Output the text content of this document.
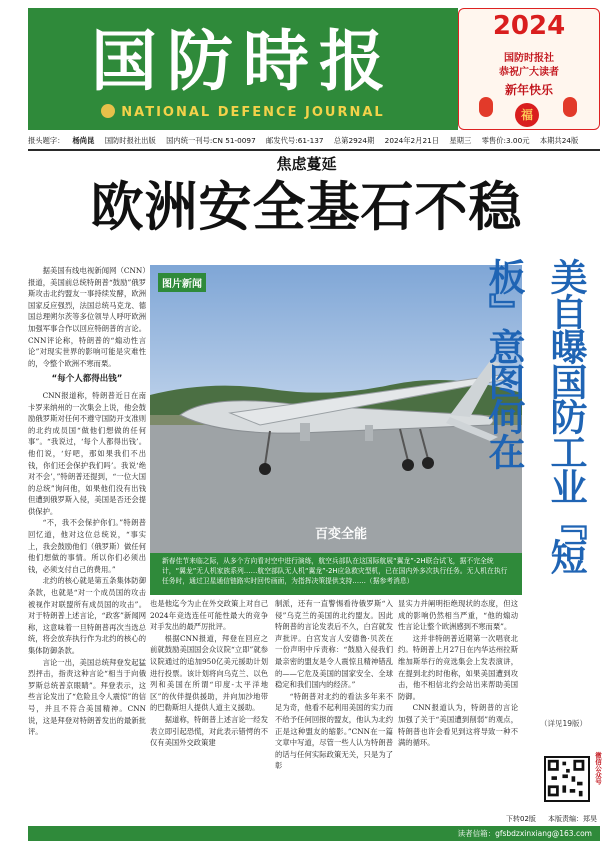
国防時报
NATIONAL DEFENCE JOURNAL
2024
国防时报社
恭祝广大读者
新年快乐
福
报头题字： 杨尚昆 国防时报社出版 国内统一刊号:CN 51-0097 邮发代号:61-137 总第2924期 2024年2月21日 星期三 零售价:3.00元 本期共24版
焦虑蔓延
欧洲安全基石不稳

据美国有线电视新闻网（CNN）报道，美国前总统特朗普“鼓励”俄罗斯攻击北约盟友一事持续发酵，欧洲国家反应强烈，法国总统马克龙、德国总理朔尔茨等多位领导人呼吁欧洲加强军事合作以回应特朗普的言论。CNN评论称，特朗普的“煽动性言论”对现实世界的影响可能是灾难性的，令整个欧洲不寒而栗。

“每个人都得出钱”

CNN报道称，特朗普近日在南卡罗来纳州的一次集会上说，他会鼓励俄罗斯对任何不遵守国防开支准则的北约成员国“做他们想做的任何事”。“我说过，‘每个人都得出钱’。他们说，‘好吧，那如果我们不出钱，你们还会保护我们吗’。我说‘绝对不会’，”特朗普还提到，“一位大国的总统”询问他，如果他们没有出钱但遭到俄罗斯入侵，美国是否还会提供保护。

“不，我不会保护你们。”特朗普回忆道，他对这位总统说，“事实上，我会鼓励他们（俄罗斯）做任何他们想做的事情。所以你们必须出钱，必须支付自己的费用。”

北约的核心就是第五条集体防御条款，也就是“对一个成员国的攻击被视作对联盟所有成员国的攻击”。对于特朗普上述言论，“政客”新闻网称，这意味着一旦特朗普再次当选总统，将会放弃执行作为北约的核心的集体防御条款。

言论一出，美国总统拜登发起猛烈抨击，指责这种言论“相当于向俄罗斯总统普京眼睛”。拜登表示，这些言论发出了“危险且令人震惊”的信号，并且不符合美国精神。CNN说，这是拜登对特朗普发出的最新批评。

图片新闻
百变全能
新春佳节来临之际，从多个方向看对空中进行演练，航空兵部队在这国际航展“翼龙”-2H联合试飞，据不完全统计，“翼龙”无人机家族系列……航空部队无人机“翼龙”-2H应急救灾型机，已在国内外多次执行任务。无人机在执行任务时，通过卫星通信链路实时回传画面，为指挥决策提供支持……（据参考消息）

也是他迄今为止在外交政策上对自己2024年竞选连任可能性最大的竞争对手发出的最严厉批评。

根据CNN报道，拜登在回应之前就鼓励美国国会众议院“立即”就参议院通过的追加950亿美元援助计划进行投票。该计划将向乌克兰、以色列和美国在所谓“印度-太平洋地区”的伙伴提供援助，并向加沙地带的巴勒斯坦人提供人道主义援助。

据道称，特朗普上述言论一经发表立即引起恐慌，对此表示错愕的不仅有美国外交政策建

制派，还有一直警惕看待俄罗斯“入侵”乌克兰的美国的北约盟友。因此特朗普的言论发表后不久，白宫就发声批评。白宫发言人安德鲁·贝茨在一份声明中斥责称：“鼓励入侵我们最亲密的盟友是令人震惊且精神错乱的——它危及美国的国家安全、全球稳定和我们国内的经济。”

“特朗普对北约的看法多年来不足为奇，他看不起利用美国的实力而不给予任何回报的盟友，他认为北约正是这种盟友的缩影。”CNN在一篇文章中写道，尽管一些人认为特朗普的话与任何实际政策无关，只是为了彰

显实力并阐明拒绝现状的态度，但这成的影响仍然相当严重，“他的煽动性言论让整个欧洲感到不寒而栗”。

这并非特朗普近期第一次唱衰北约。特朗普上月27日在内华达州拉斯维加斯举行的竞选集会上发表演讲，在提到北约时他称，如果美国遭到攻击，他不相信北约会站出来帮助美国防御。

CNN报道认为，特朗普的言论加强了关于“美国遭到削弱”的观点，特朗普也许会看见到这将导致一种不满的循环。

美自曝国防工业『短板』意图何在
（详见19版）
微信公众号
下转02版 本版责编：郑昊
读者信箱：gfsbdzxinxiang@163.com
